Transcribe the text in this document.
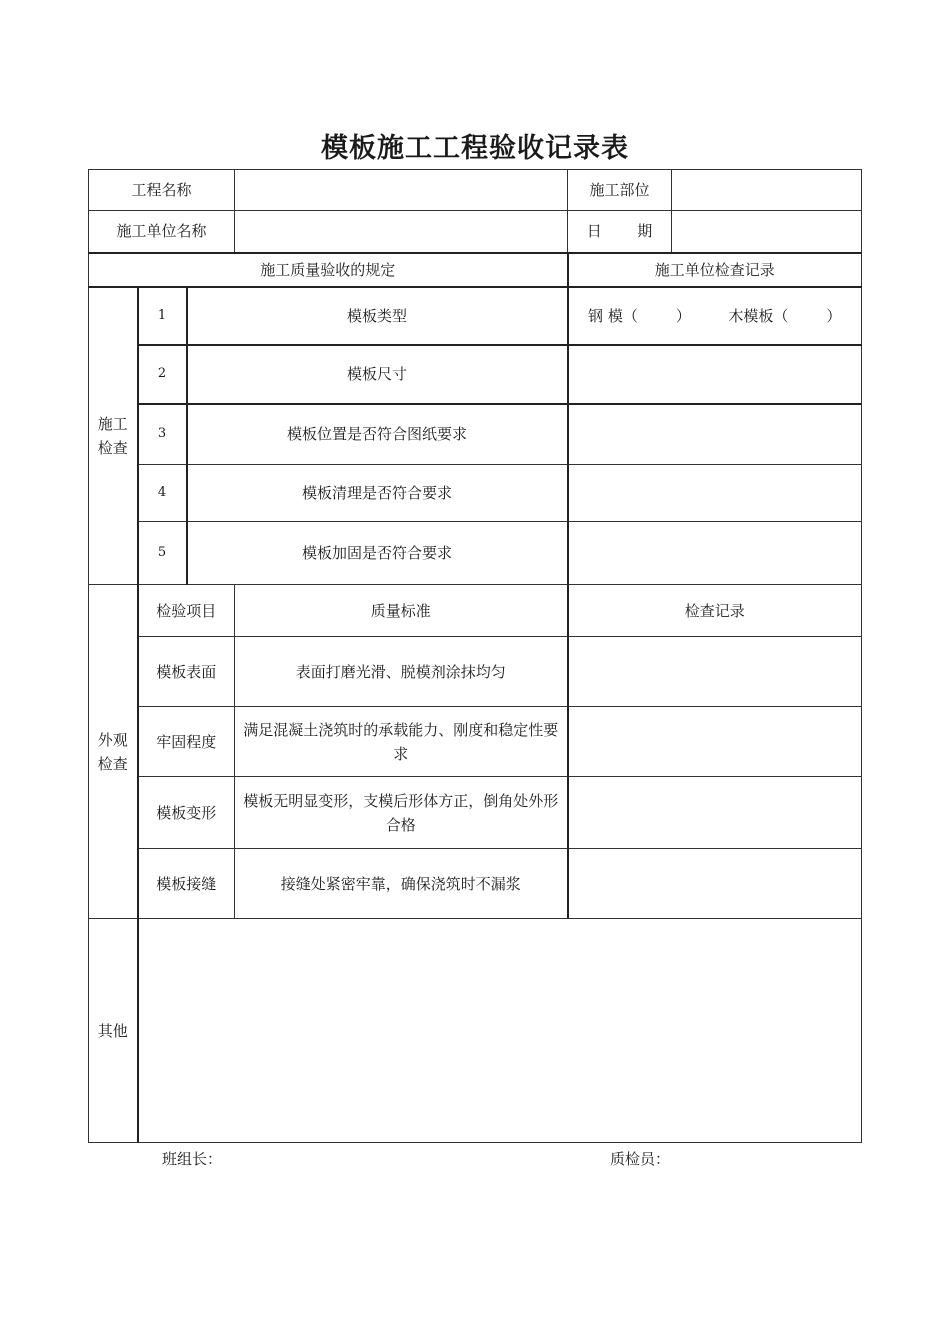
模板施工工程验收记录表
工程名称				施工部位	
施工单位名称				日 期	
施工质量验收的规定				施工单位检查记录	

施工
检查	1	模板类型		钢 模（ ） 木模板（ ）	
	2	模板尺寸			
	3	模板位置是否符合图纸要求			
	4	模板清理是否符合要求			
	5	模板加固是否符合要求			

外观
检查	检验项目		质量标准	检查记录	
	模板表面		表面打磨光滑、脱模剂涂抹均匀		
	牢固程度		满足混凝土浇筑时的承载能力、刚度和稳定性要求		
	模板变形		模板无明显变形，支模后形体方正，倒角处外形合格		
	模板接缝		接缝处紧密牢靠，确保浇筑时不漏浆		
其他					
班组长：	质检员：
